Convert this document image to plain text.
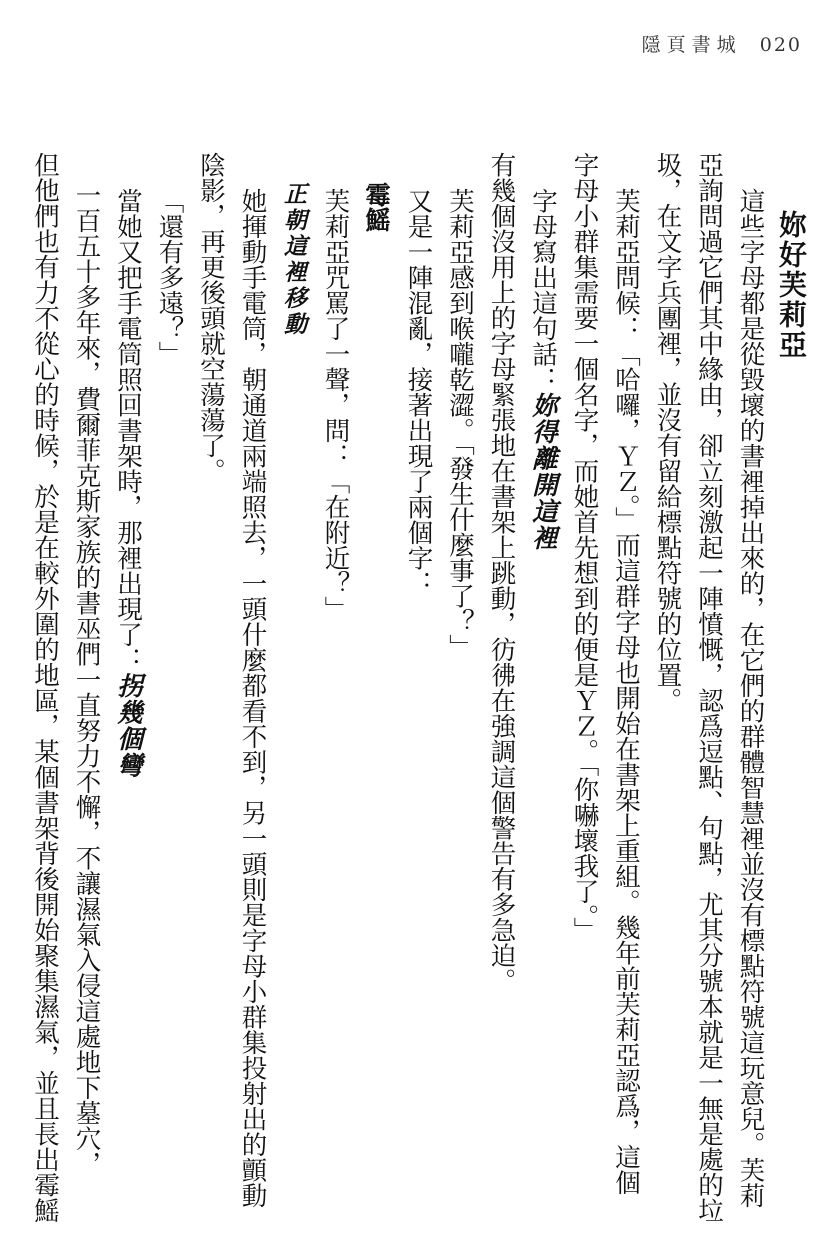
隱頁書城 020

妳好芙莉亞

這些字母都是從毀壞的書裡掉出來的，在它們的群體智慧裡並沒有標點符號這玩意兒。芙莉

亞詢問過它們其中緣由，卻立刻激起一陣憤慨，認爲逗點、句點，尤其分號本就是一無是處的垃

圾，在文字兵團裡，並沒有留給標點符號的位置。

芙莉亞問候：「哈囉，ＹＺ。」而這群字母也開始在書架上重組。幾年前芙莉亞認爲，這個

字母小群集需要一個名字，而她首先想到的便是ＹＺ。「你嚇壞我了。」

字母寫出這句話：妳得離開這裡

有幾個沒用上的字母緊張地在書架上跳動，彷彿在強調這個警告有多急迫。

芙莉亞感到喉嚨乾澀。「發生什麼事了？」

又是一陣混亂，接著出現了兩個字：

霉鰩

芙莉亞咒罵了一聲，問：「在附近？」

正朝這裡移動

她揮動手電筒，朝通道兩端照去，一頭什麼都看不到，另一頭則是字母小群集投射出的顫動

陰影，再更後頭就空蕩蕩了。

「還有多遠？」

當她又把手電筒照回書架時，那裡出現了：拐幾個彎

一百五十多年來，費爾菲克斯家族的書巫們一直努力不懈，不讓濕氣入侵這處地下墓穴，

但他們也有力不從心的時候，於是在較外圍的地區，某個書架背後開始聚集濕氣，並且長出霉鰩
